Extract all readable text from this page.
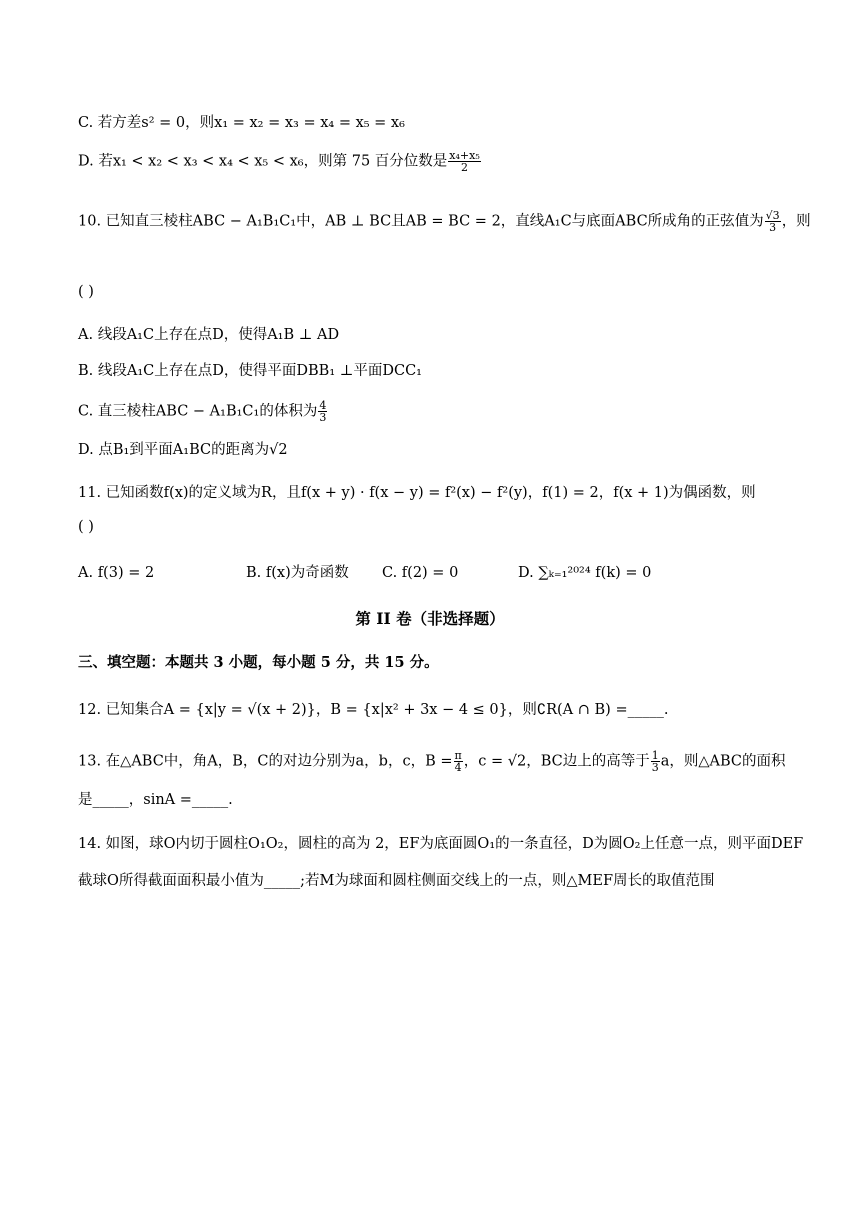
C. 若方差s² = 0，则x₁ = x₂ = x₃ = x₄ = x₅ = x₆
D. 若x₁ < x₂ < x₃ < x₄ < x₅ < x₆，则第 75 百分位数是 $\frac{\text{x₄+x₅}}{2}$
10. 已知直三棱柱ABC − A₁B₁C₁中，AB ⊥ BC且AB = BC = 2，直线A₁C与底面ABC所成角的正弦值为 $\frac{√3}{3}$ ，则
( )
A. 线段A₁C上存在点D，使得A₁B ⊥ AD
B. 线段A₁C上存在点D，使得平面DBB₁ ⊥平面DCC₁
C. 直三棱柱ABC − A₁B₁C₁的体积为 $\frac{4}{3}$
D. 点B₁到平面A₁BC的距离为√2
11. 已知函数f(x)的定义域为R，且f(x + y) · f(x − y) = f²(x) − f²(y)，f(1) = 2，f(x + 1)为偶函数，则
( )
A. f(3) = 2	B. f(x)为奇函数 C. f(2) = 0	D. ∑ₖ₌₁²⁰²⁴ f(k) = 0
第 II 卷（非选择题）
三、填空题：本题共 3 小题，每小题 5 分，共 15 分。
12. 已知集合A = {x|y = √(x + 2)}，B = {x|x² + 3x − 4 ≤ 0}，则∁R(A ∩ B) =_____.
13. 在△ABC中，角A，B，C的对边分别为a，b，c，$B = \frac{\pi}{4}$ ，c = √2，BC边上的高等于 $\frac{1}{3}$ a，则△ABC的面积
是_____，sinA =_____.
14. 如图，球O内切于圆柱O₁O₂，圆柱的高为 2，EF为底面圆O₁的一条直径，D为圆O₂上任意一点，则平面DEF
截球O所得截面面积最小值为_____;若M为球面和圆柱侧面交线上的一点，则△MEF周长的取值范围
